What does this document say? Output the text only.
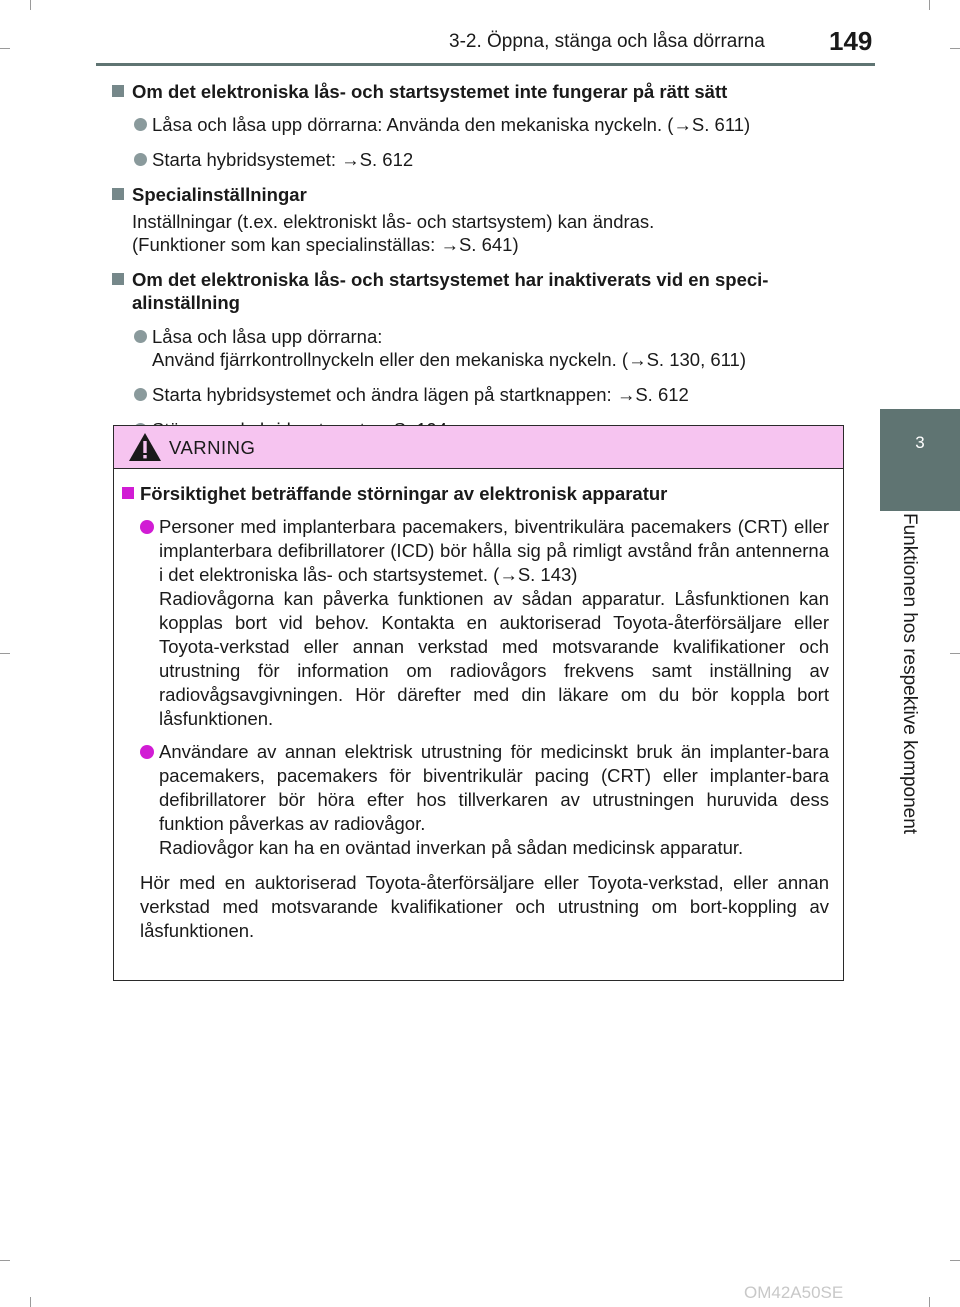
3-2. Öppna, stänga och låsa dörrarna 149
3
Funktionen hos respektive komponent
Om det elektroniska lås- och startsystemet inte fungerar på rätt sätt
Låsa och låsa upp dörrarna: Använda den mekaniska nyckeln. (→S. 611)
Starta hybridsystemet: →S. 612
Specialinställningar
Inställningar (t.ex. elektroniskt lås- och startsystem) kan ändras.
(Funktioner som kan specialinställas: →S. 641)
Om det elektroniska lås- och startsystemet har inaktiverats vid en speci-alinställning
Låsa och låsa upp dörrarna:
Använd fjärrkontrollnyckeln eller den mekaniska nyckeln. (→S. 130, 611)
Starta hybridsystemet och ändra lägen på startknappen: →S. 612
VARNING
Försiktighet beträffande störningar av elektronisk apparatur
Personer med implanterbara pacemakers, biventrikulära pacemakers (CRT) eller implanterbara defibrillatorer (ICD) bör hålla sig på rimligt avstånd från antennerna i det elektroniska lås- och startsystemet. (→S. 143)
Radiovågorna kan påverka funktionen av sådan apparatur. Låsfunktionen kan kopplas bort vid behov. Kontakta en auktoriserad Toyota-återförsäljare eller Toyota-verkstad eller annan verkstad med motsvarande kvalifikationer och utrustning för information om radiovågors frekvens samt inställning av radiovågsavgivningen. Hör därefter med din läkare om du bör koppla bort låsfunktionen.
Användare av annan elektrisk utrustning för medicinskt bruk än implanter-bara pacemakers, pacemakers för biventrikulär pacing (CRT) eller implanter-bara defibrillatorer bör höra efter hos tillverkaren av utrustningen huruvida dess funktion påverkas av radiovågor.
Radiovågor kan ha en oväntad inverkan på sådan medicinsk apparatur.
Hör med en auktoriserad Toyota-återförsäljare eller Toyota-verkstad, eller annan verkstad med motsvarande kvalifikationer och utrustning om bort-koppling av låsfunktionen.
OM42A50SE
